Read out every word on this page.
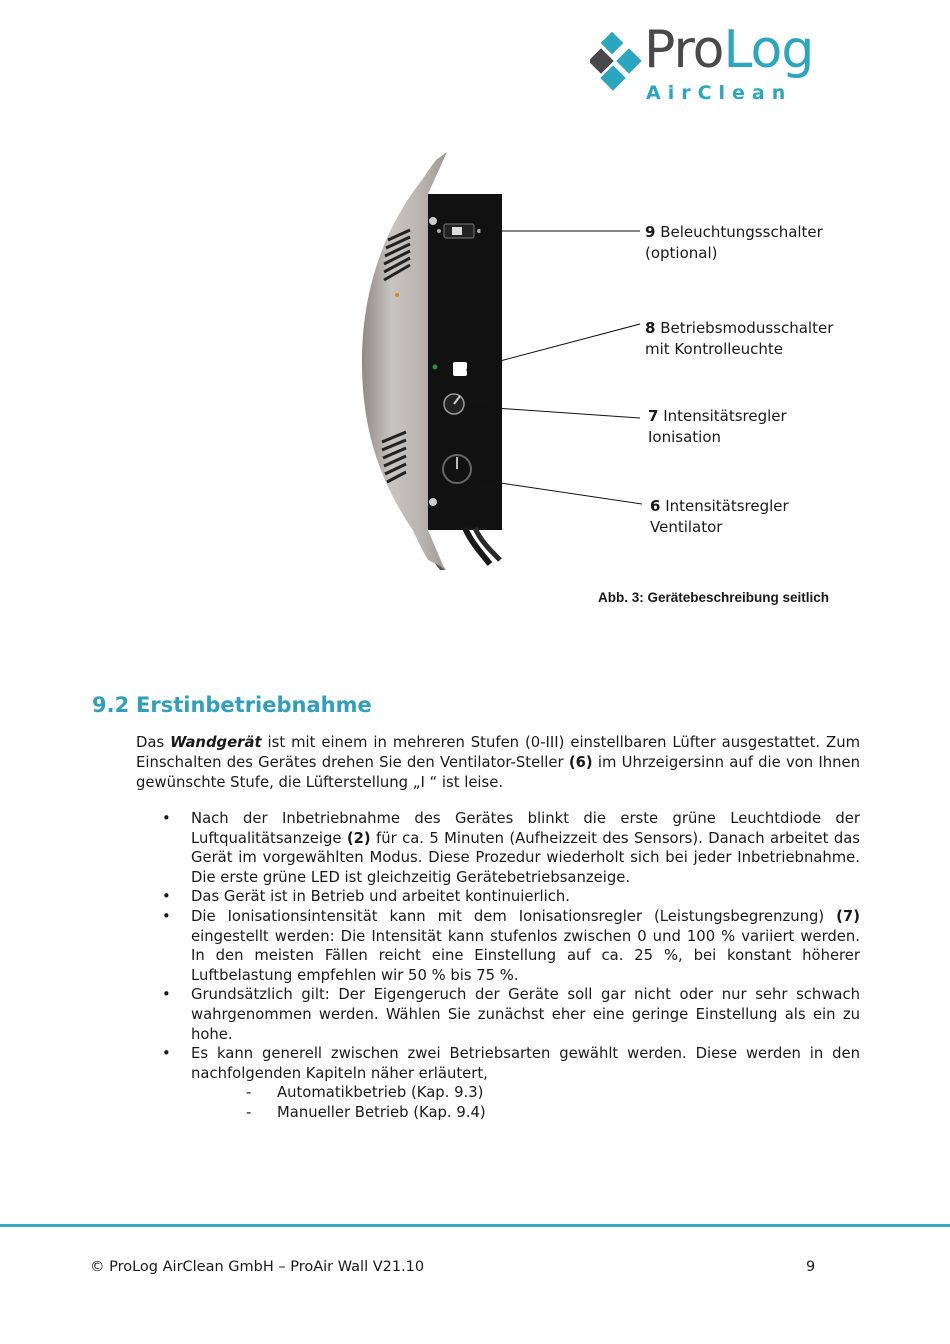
ProLog
AirClean
9 Beleuchtungsschalter
(optional)
8 Betriebsmodusschalter
mit Kontrolleuchte
7 Intensitätsregler
Ionisation
6 Intensitätsregler
Ventilator
Abb. 3: Gerätebeschreibung seitlich
9.2 Erstinbetriebnahme
Das Wandgerät ist mit einem in mehreren Stufen (0-III) einstellbaren Lüfter ausgestattet. Zum Einschalten des Gerätes drehen Sie den Ventilator-Steller (6) im Uhrzeigersinn auf die von Ihnen gewünschte Stufe, die Lüfterstellung „I “ ist leise.
• Nach der Inbetriebnahme des Gerätes blinkt die erste grüne Leuchtdiode der Luftqualitätsanzeige (2) für ca. 5 Minuten (Aufheizzeit des Sensors). Danach arbeitet das Gerät im vorgewählten Modus. Diese Prozedur wiederholt sich bei jeder Inbetriebnahme. Die erste grüne LED ist gleichzeitig Gerätebetriebsanzeige.
• Das Gerät ist in Betrieb und arbeitet kontinuierlich.
• Die Ionisationsintensität kann mit dem Ionisationsregler (Leistungsbegrenzung) (7) eingestellt werden: Die Intensität kann stufenlos zwischen 0 und 100 % variiert werden. In den meisten Fällen reicht eine Einstellung auf ca. 25 %, bei konstant höherer Luftbelastung empfehlen wir 50 % bis 75 %.
• Grundsätzlich gilt: Der Eigengeruch der Geräte soll gar nicht oder nur sehr schwach wahrgenommen werden. Wählen Sie zunächst eher eine geringe Einstellung als ein zu hohe.
• Es kann generell zwischen zwei Betriebsarten gewählt werden. Diese werden in den nachfolgenden Kapiteln näher erläutert,
- Automatikbetrieb (Kap. 9.3)
- Manueller Betrieb (Kap. 9.4)
© ProLog AirClean GmbH – ProAir Wall V21.10	9
